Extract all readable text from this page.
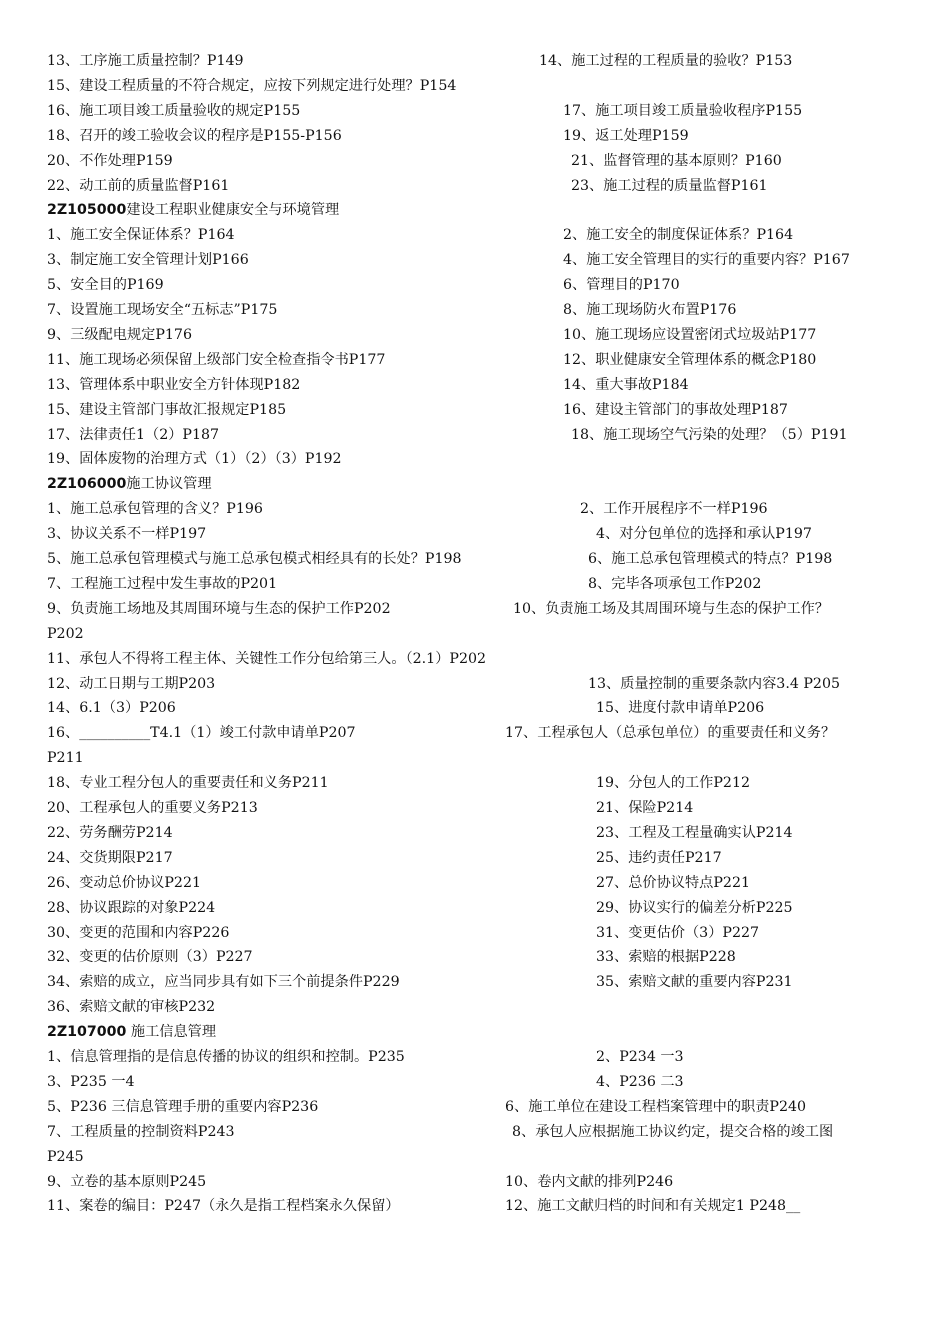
13、工序施工质量控制？P149	14、施工过程的工程质量的验收？P153
15、建设工程质量的不符合规定，应按下列规定进行处理？P154
16、施工项目竣工质量验收的规定P155	17、施工项目竣工质量验收程序P155
18、召开的竣工验收会议的程序是P155-P156	19、返工处理P159
20、不作处理P159	21、监督管理的基本原则？P160
22、动工前的质量监督P161	23、施工过程的质量监督P161
2Z105000建设工程职业健康安全与环境管理
1、施工安全保证体系？P164	2、施工安全的制度保证体系？P164
3、制定施工安全管理计划P166	4、施工安全管理目的实行的重要内容？P167
5、安全目的P169	6、管理目的P170
7、设置施工现场安全“五标志”P175	8、施工现场防火布置P176
9、三级配电规定P176	10、施工现场应设置密闭式垃圾站P177
11、施工现场必须保留上级部门安全检查指令书P177	12、职业健康安全管理体系的概念P180
13、管理体系中职业安全方针体现P182	14、重大事故P184
15、建设主管部门事故汇报规定P185	16、建设主管部门的事故处理P187
17、法律责任1（2）P187	18、施工现场空气污染的处理？（5）P191
19、固体废物的治理方式（1）（2）（3）P192
2Z106000施工协议管理
1、施工总承包管理的含义？P196	2、工作开展程序不一样P196
3、协议关系不一样P197	4、对分包单位的选择和承认P197
5、施工总承包管理模式与施工总承包模式相经具有的长处？P198	6、施工总承包管理模式的特点？P198
7、工程施工过程中发生事故的P201	8、完毕各项承包工作P202
9、负责施工场地及其周围环境与生态的保护工作P202	10、负责施工场及其周围环境与生态的保护工作？
P202
11、承包人不得将工程主体、关键性工作分包给第三人。（2.1）P202
12、动工日期与工期P203	13、质量控制的重要条款内容3.4 P205
14、6.1（3）P206	15、进度付款申请单P206
16、__________T4.1（1）竣工付款申请单P207	17、工程承包人（总承包单位）的重要责任和义务？
P211
18、专业工程分包人的重要责任和义务P211	19、分包人的工作P212
20、工程承包人的重要义务P213	21、保险P214
22、劳务酬劳P214	23、工程及工程量确实认P214
24、交货期限P217	25、违约责任P217
26、变动总价协议P221	27、总价协议特点P221
28、协议跟踪的对象P224	29、协议实行的偏差分析P225
30、变更的范围和内容P226	31、变更估价（3）P227
32、变更的估价原则（3）P227	33、索赔的根据P228
34、索赔的成立，应当同步具有如下三个前提条件P229	35、索赔文献的重要内容P231
36、索赔文献的审核P232
2Z107000 施工信息管理
1、信息管理指的是信息传播的协议的组织和控制。P235	2、P234 一3
3、P235 一4	4、P236 二3
5、P236 三信息管理手册的重要内容P236	6、施工单位在建设工程档案管理中的职责P240
7、工程质量的控制资料P243	8、承包人应根据施工协议约定，提交合格的竣工图
P245
9、立卷的基本原则P245	10、卷内文献的排列P246
11、案卷的编目：P247（永久是指工程档案永久保留）	12、施工文献归档的时间和有关规定1 P248__
